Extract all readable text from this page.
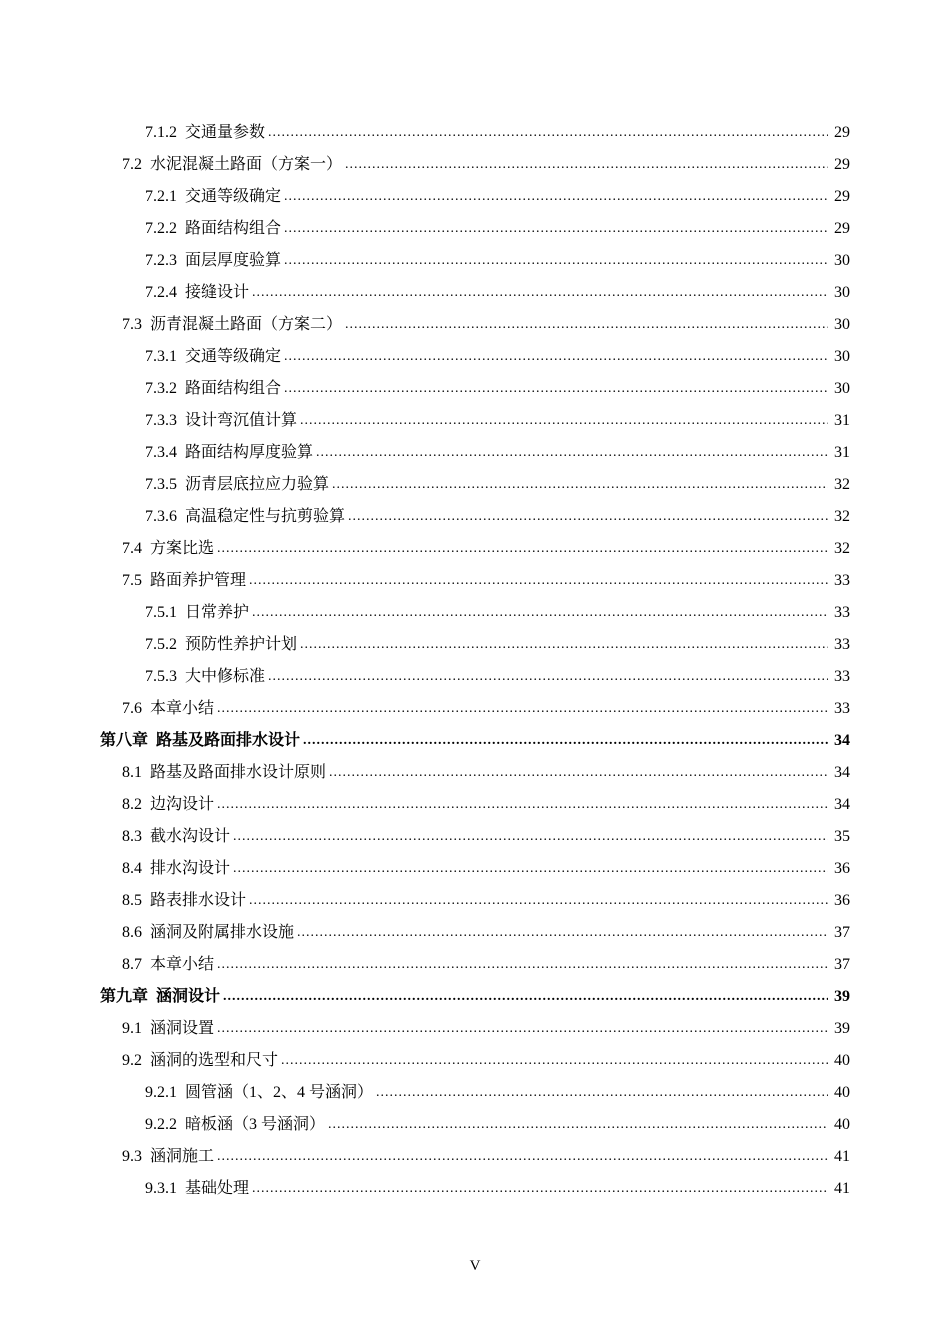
7.1.2 交通量参数 .....	29
7.2 水泥混凝土路面（方案一） .....	29
7.2.1 交通等级确定 .....	29
7.2.2 路面结构组合 .....	29
7.2.3 面层厚度验算 .....	30
7.2.4 接缝设计 .....	30
7.3 沥青混凝土路面（方案二） .....	30
7.3.1 交通等级确定 .....	30
7.3.2 路面结构组合 .....	30
7.3.3 设计弯沉值计算 .....	31
7.3.4 路面结构厚度验算 .....	31
7.3.5 沥青层底拉应力验算 .....	32
7.3.6 高温稳定性与抗剪验算 .....	32
7.4 方案比选 .....	32
7.5 路面养护管理 .....	33
7.5.1 日常养护 .....	33
7.5.2 预防性养护计划 .....	33
7.5.3 大中修标准 .....	33
7.6 本章小结 .....	33
第八章 路基及路面排水设计 .....	34
8.1 路基及路面排水设计原则 .....	34
8.2 边沟设计 .....	34
8.3 截水沟设计 .....	35
8.4 排水沟设计 .....	36
8.5 路表排水设计 .....	36
8.6 涵洞及附属排水设施 .....	37
8.7 本章小结 .....	37
第九章 涵洞设计 .....	39
9.1 涵洞设置 .....	39
9.2 涵洞的选型和尺寸 .....	40
9.2.1 圆管涵（1、2、4 号涵洞） .....	40
9.2.2 暗板涵（3 号涵洞） .....	40
9.3 涵洞施工 .....	41
9.3.1 基础处理 .....	41
V
